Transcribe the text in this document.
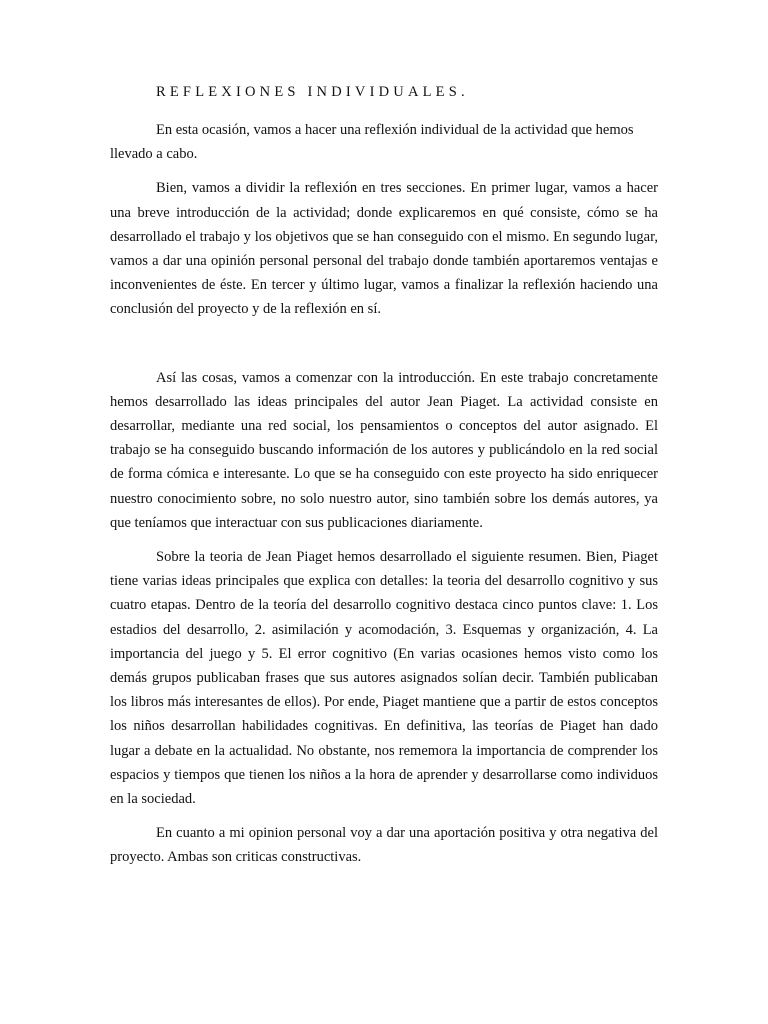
REFLEXIONES INDIVIDUALES.

En esta ocasión, vamos a hacer una reflexión individual de la actividad que hemos llevado a cabo.

Bien, vamos a dividir la reflexión en tres secciones. En primer lugar, vamos a hacer una breve introducción de la actividad; donde explicaremos en qué consiste, cómo se ha desarrollado el trabajo y los objetivos que se han conseguido con el mismo. En segundo lugar, vamos a dar una opinión personal personal del trabajo donde también aportaremos ventajas e inconvenientes de éste. En tercer y último lugar, vamos a finalizar la reflexión haciendo una conclusión del proyecto y de la reflexión en sí.

Así las cosas, vamos a comenzar con la introducción. En este trabajo concretamente hemos desarrollado las ideas principales del autor Jean Piaget. La actividad consiste en desarrollar, mediante una red social, los pensamientos o conceptos del autor asignado. El trabajo se ha conseguido buscando información de los autores y publicándolo en la red social de forma cómica e interesante. Lo que se ha conseguido con este proyecto ha sido enriquecer nuestro conocimiento sobre, no solo nuestro autor, sino también sobre los demás autores, ya que teníamos que interactuar con sus publicaciones diariamente.

Sobre la teoria de Jean Piaget hemos desarrollado el siguiente resumen. Bien, Piaget tiene varias ideas principales que explica con detalles: la teoria del desarrollo cognitivo y sus cuatro etapas. Dentro de la teoría del desarrollo cognitivo destaca cinco puntos clave: 1. Los estadios del desarrollo, 2. asimilación y acomodación, 3. Esquemas y organización, 4. La importancia del juego y 5. El error cognitivo (En varias ocasiones hemos visto como los demás grupos publicaban frases que sus autores asignados solían decir. También publicaban los libros más interesantes de ellos). Por ende, Piaget mantiene que a partir de estos conceptos los niños desarrollan habilidades cognitivas. En definitiva, las teorías de Piaget han dado lugar a debate en la actualidad. No obstante, nos rememora la importancia de comprender los espacios y tiempos que tienen los niños a la hora de aprender y desarrollarse como individuos en la sociedad.

En cuanto a mi opinion personal voy a dar una aportación positiva y otra negativa del proyecto. Ambas son criticas constructivas.
